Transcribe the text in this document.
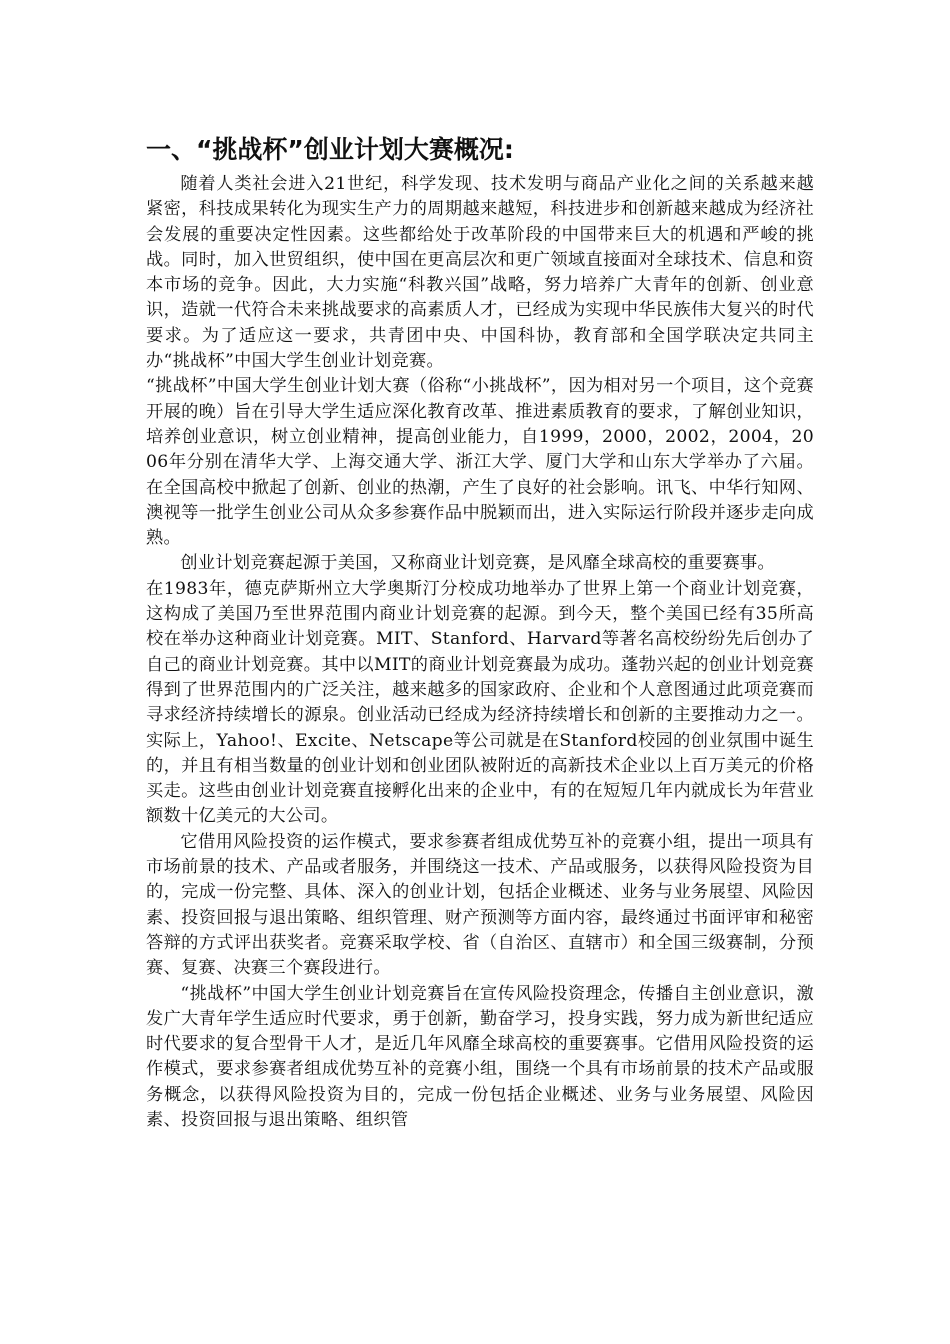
一、“挑战杯”创业计划大赛概况:

随着人类社会进入21世纪，科学发现、技术发明与商品产业化之间的关系越来越紧密，科技成果转化为现实生产力的周期越来越短，科技进步和创新越来越成为经济社会发展的重要决定性因素。这些都给处于改革阶段的中国带来巨大的机遇和严峻的挑战。同时，加入世贸组织，使中国在更高层次和更广领域直接面对全球技术、信息和资本市场的竞争。因此，大力实施“科教兴国”战略，努力培养广大青年的创新、创业意识，造就一代符合未来挑战要求的高素质人才，已经成为实现中华民族伟大复兴的时代要求。为了适应这一要求，共青团中央、中国科协，教育部和全国学联决定共同主办“挑战杯”中国大学生创业计划竞赛。

“挑战杯”中国大学生创业计划大赛（俗称“小挑战杯”，因为相对另一个项目，这个竞赛开展的晚）旨在引导大学生适应深化教育改革、推进素质教育的要求，了解创业知识，培养创业意识，树立创业精神，提高创业能力，自1999，2000，2002，2004，2006年分别在清华大学、上海交通大学、浙江大学、厦门大学和山东大学举办了六届。在全国高校中掀起了创新、创业的热潮，产生了良好的社会影响。讯飞、中华行知网、澳视等一批学生创业公司从众多参赛作品中脱颖而出，进入实际运行阶段并逐步走向成熟。

创业计划竞赛起源于美国，又称商业计划竞赛，是风靡全球高校的重要赛事。

在1983年，德克萨斯州立大学奥斯汀分校成功地举办了世界上第一个商业计划竞赛，这构成了美国乃至世界范围内商业计划竞赛的起源。到今天，整个美国已经有35所高校在举办这种商业计划竞赛。MIT、Stanford、Harvard等著名高校纷纷先后创办了自己的商业计划竞赛。其中以MIT的商业计划竞赛最为成功。蓬勃兴起的创业计划竞赛得到了世界范围内的广泛关注，越来越多的国家政府、企业和个人意图通过此项竞赛而寻求经济持续增长的源泉。创业活动已经成为经济持续增长和创新的主要推动力之一。实际上，Yahoo!、Excite、Netscape等公司就是在Stanford校园的创业氛围中诞生的，并且有相当数量的创业计划和创业团队被附近的高新技术企业以上百万美元的价格买走。这些由创业计划竞赛直接孵化出来的企业中，有的在短短几年内就成长为年营业额数十亿美元的大公司。

它借用风险投资的运作模式，要求参赛者组成优势互补的竞赛小组，提出一项具有市场前景的技术、产品或者服务，并围绕这一技术、产品或服务，以获得风险投资为目的，完成一份完整、具体、深入的创业计划，包括企业概述、业务与业务展望、风险因素、投资回报与退出策略、组织管理、财产预测等方面内容，最终通过书面评审和秘密答辩的方式评出获奖者。竞赛采取学校、省（自治区、直辖市）和全国三级赛制，分预赛、复赛、决赛三个赛段进行。

“挑战杯”中国大学生创业计划竞赛旨在宣传风险投资理念，传播自主创业意识，激发广大青年学生适应时代要求，勇于创新，勤奋学习，投身实践，努力成为新世纪适应时代要求的复合型骨干人才，是近几年风靡全球高校的重要赛事。它借用风险投资的运作模式，要求参赛者组成优势互补的竞赛小组，围绕一个具有市场前景的技术产品或服务概念，以获得风险投资为目的，完成一份包括企业概述、业务与业务展望、风险因素、投资回报与退出策略、组织管
